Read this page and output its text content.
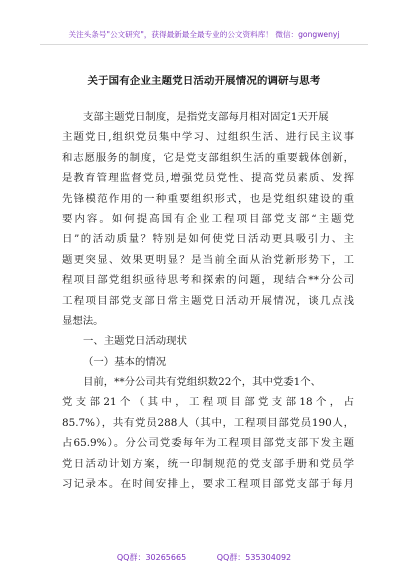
关注头条号"公文研究"，获得最新最全最专业的公文资料库！ 微信：gongwenyj
关于国有企业主题党日活动开展情况的调研与思考
支部主题党日制度，是指党支部每月相对固定1天开展
主题党日,组织党员集中学习、过组织生活、进行民主议事
和志愿服务的制度，它是党支部组织生活的重要载体创新，
是教育管理监督党员,增强党员党性、提高党员素质、发挥
先锋模范作用的一种重要组织形式，也是党组织建设的重
要内容。如何提高国有企业工程项目部党支部“主题党
日”的活动质量？特别是如何使党日活动更具吸引力、主
题更突显、效果更明显？是当前全面从治党新形势下，工
程项目部党组织亟待思考和探索的问题，现结合**分公司
工程项目部党支部日常主题党日活动开展情况，谈几点浅
显想法。
一、主题党日活动现状
（一）基本的情况
目前，**分公司共有党组织数22个，其中党委1个、
党支部21个（其中，工程项目部党支部18个，占
85.7%），共有党员288人（其中，工程项目部党员190人，
占65.9%）。分公司党委每年为工程项目部党支部下发主题
党日活动计划方案，统一印制规范的党支部手册和党员学
习记录本。在时间安排上，要求工程项目部党支部于每月
QQ群：30265665	QQ群：535304092
